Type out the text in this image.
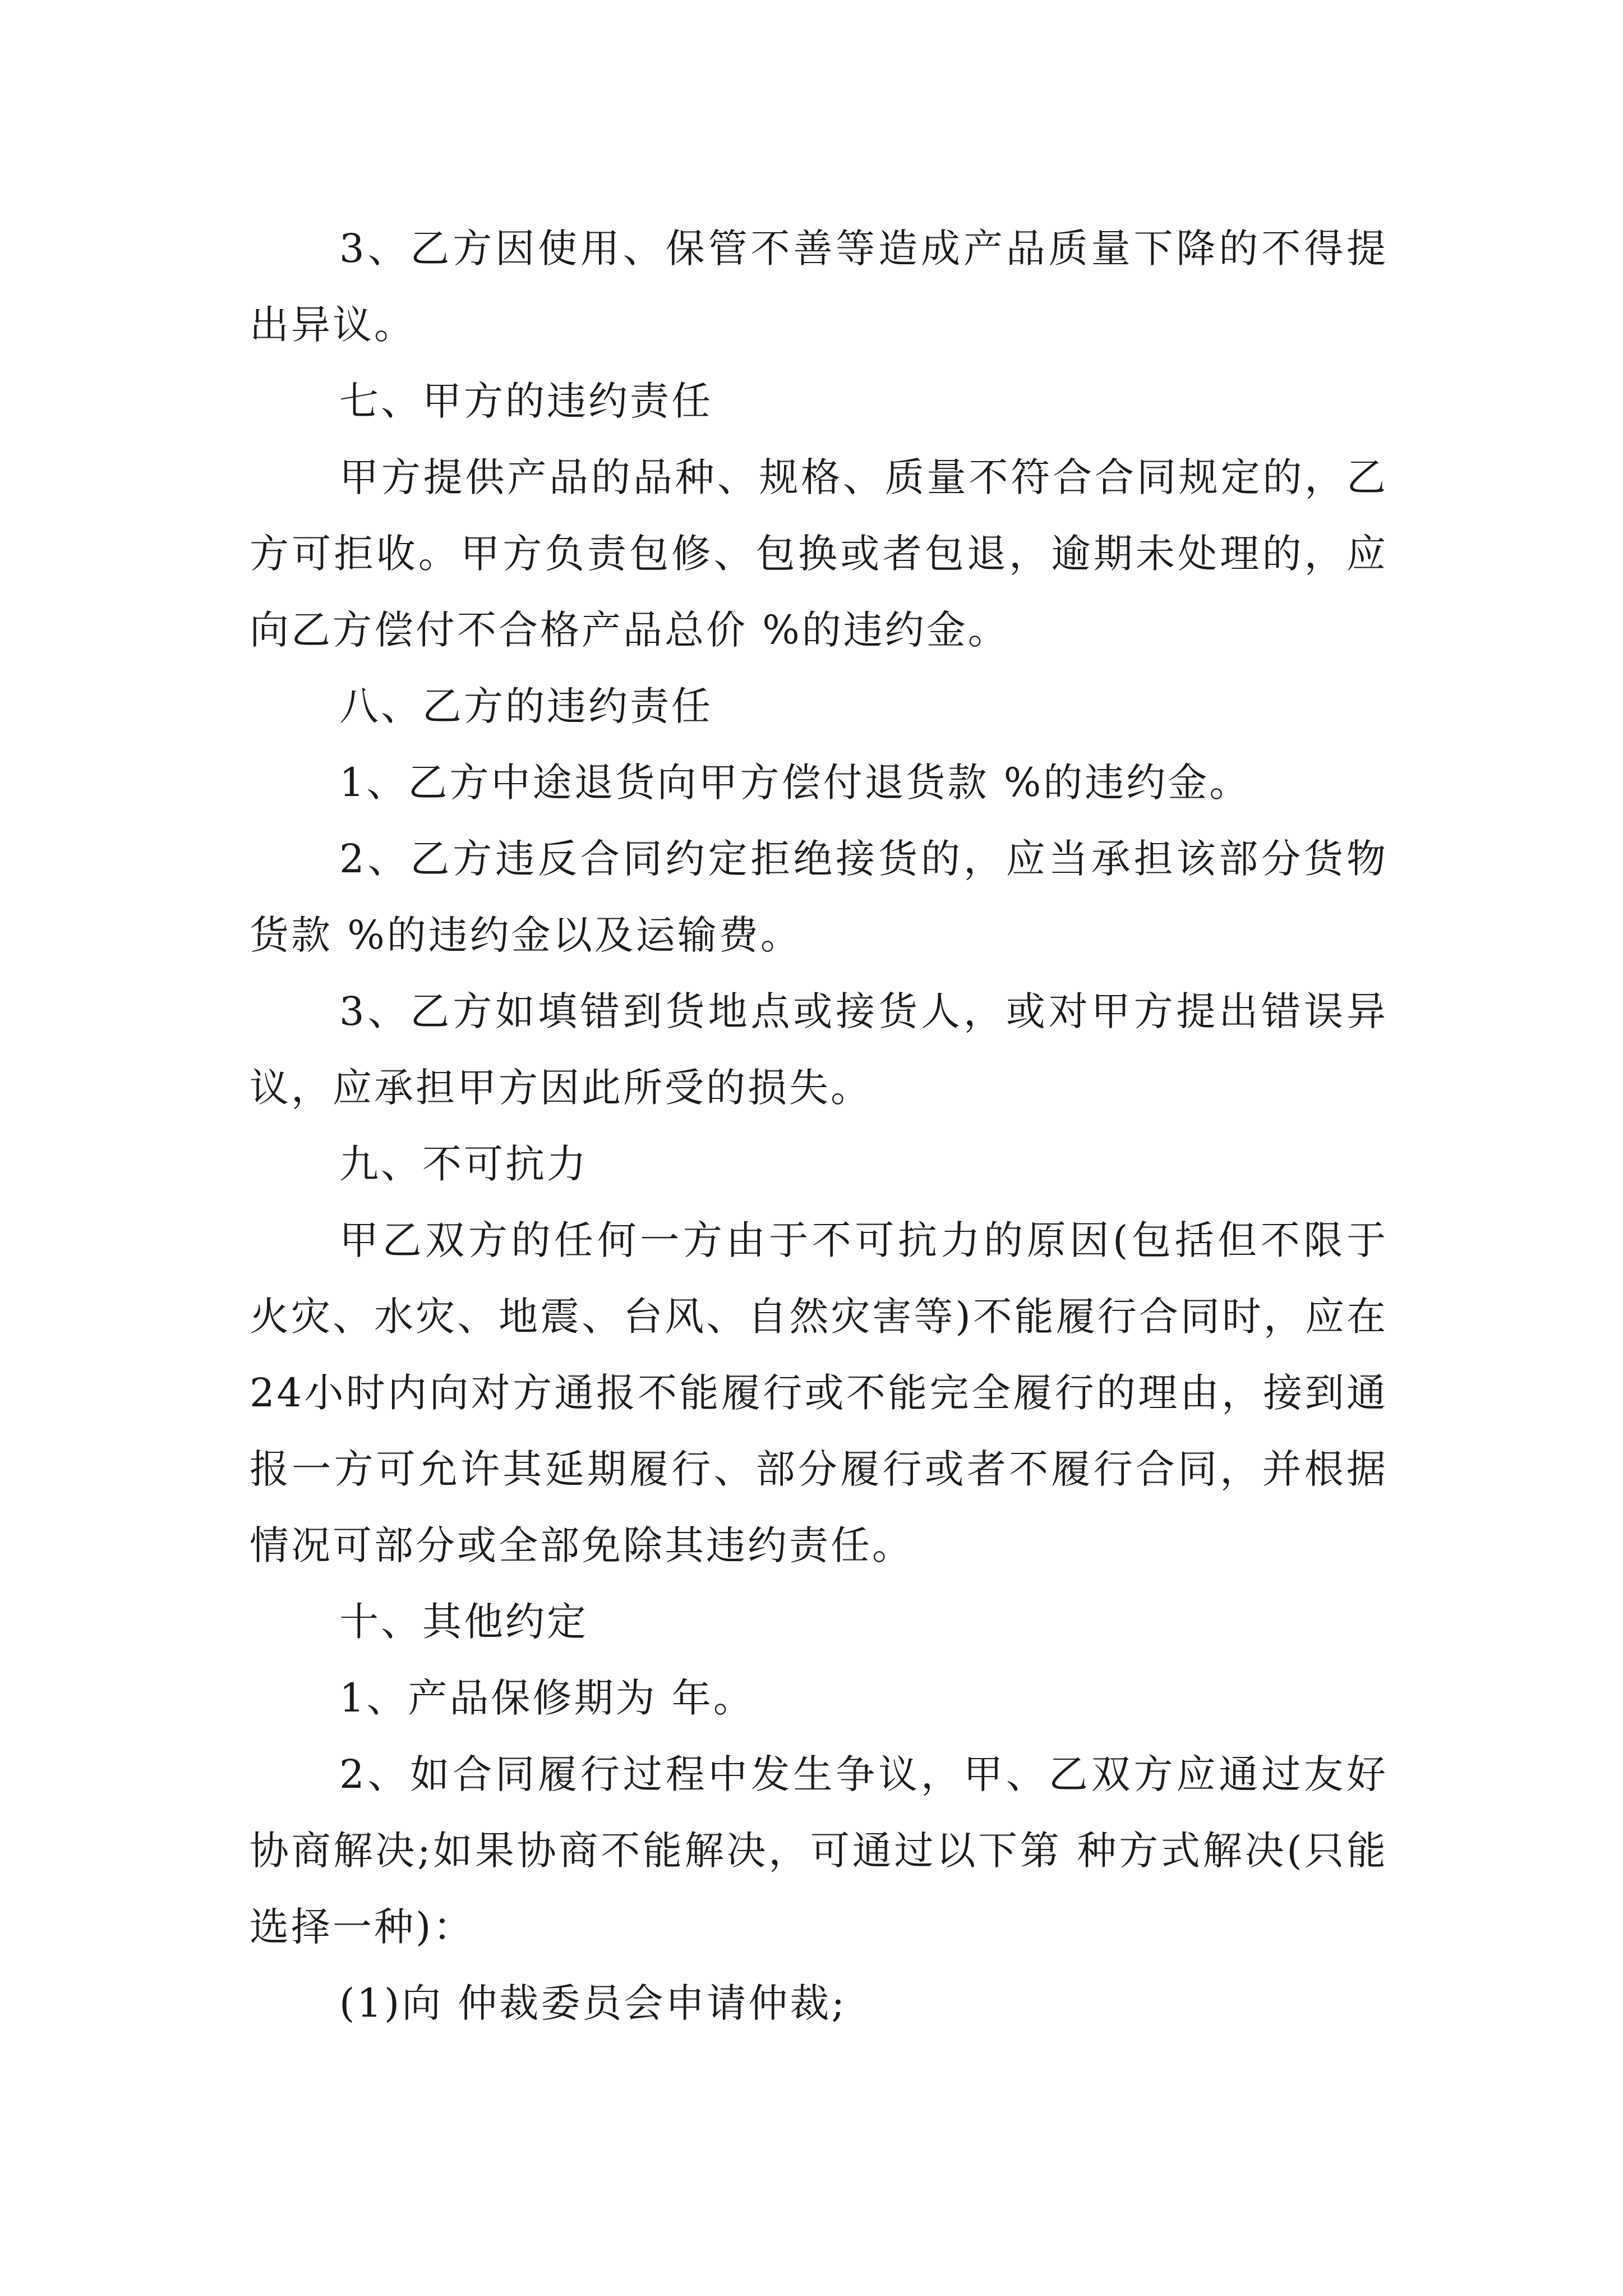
3、乙方因使用、保管不善等造成产品质量下降的不得提出异议。

七、甲方的违约责任

甲方提供产品的品种、规格、质量不符合合同规定的，乙方可拒收。甲方负责包修、包换或者包退，逾期未处理的，应向乙方偿付不合格产品总价 %的违约金。

八、乙方的违约责任

1、乙方中途退货向甲方偿付退货款 %的违约金。

2、乙方违反合同约定拒绝接货的，应当承担该部分货物货款 %的违约金以及运输费。

3、乙方如填错到货地点或接货人，或对甲方提出错误异议，应承担甲方因此所受的损失。

九、不可抗力

甲乙双方的任何一方由于不可抗力的原因(包括但不限于火灾、水灾、地震、台风、自然灾害等)不能履行合同时，应在24小时内向对方通报不能履行或不能完全履行的理由，接到通报一方可允许其延期履行、部分履行或者不履行合同，并根据情况可部分或全部免除其违约责任。

十、其他约定

1、产品保修期为 年。

2、如合同履行过程中发生争议，甲、乙双方应通过友好协商解决;如果协商不能解决，可通过以下第 种方式解决(只能选择一种)：

(1)向 仲裁委员会申请仲裁;
